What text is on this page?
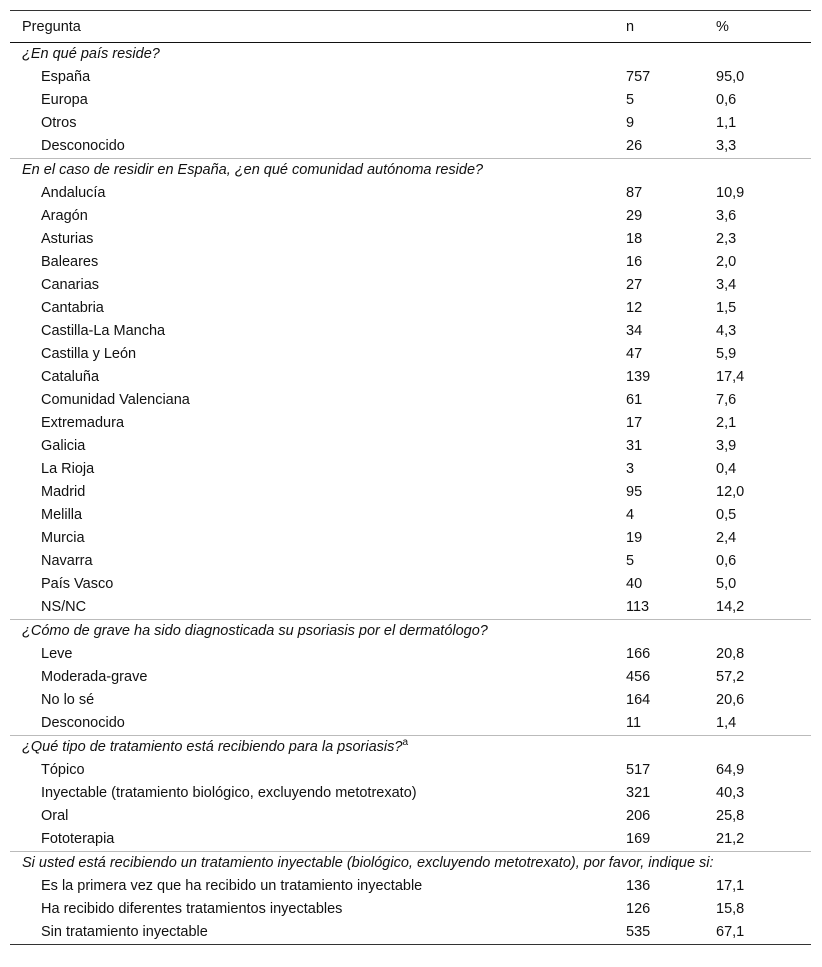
Pregunta	n	%
¿En qué país reside?		
España	757	95,0
Europa	5	0,6
Otros	9	1,1
Desconocido	26	3,3
En el caso de residir en España, ¿en qué comunidad autónoma reside?		
Andalucía	87	10,9
Aragón	29	3,6
Asturias	18	2,3
Baleares	16	2,0
Canarias	27	3,4
Cantabria	12	1,5
Castilla-La Mancha	34	4,3
Castilla y León	47	5,9
Cataluña	139	17,4
Comunidad Valenciana	61	7,6
Extremadura	17	2,1
Galicia	31	3,9
La Rioja	3	0,4
Madrid	95	12,0
Melilla	4	0,5
Murcia	19	2,4
Navarra	5	0,6
País Vasco	40	5,0
NS/NC	113	14,2
¿Cómo de grave ha sido diagnosticada su psoriasis por el dermatólogo?		
Leve	166	20,8
Moderada-grave	456	57,2
No lo sé	164	20,6
Desconocido	11	1,4
¿Qué tipo de tratamiento está recibiendo para la psoriasis?$^a$
Tópico	517	64,9
Inyectable (tratamiento biológico, excluyendo metotrexato)	321	40,3
Oral	206	25,8
Fototerapia	169	21,2
Si usted está recibiendo un tratamiento inyectable (biológico, excluyendo metotrexato), por favor, indique si:		
Es la primera vez que ha recibido un tratamiento inyectable	136	17,1
Ha recibido diferentes tratamientos inyectables	126	15,8
Sin tratamiento inyectable	535	67,1
